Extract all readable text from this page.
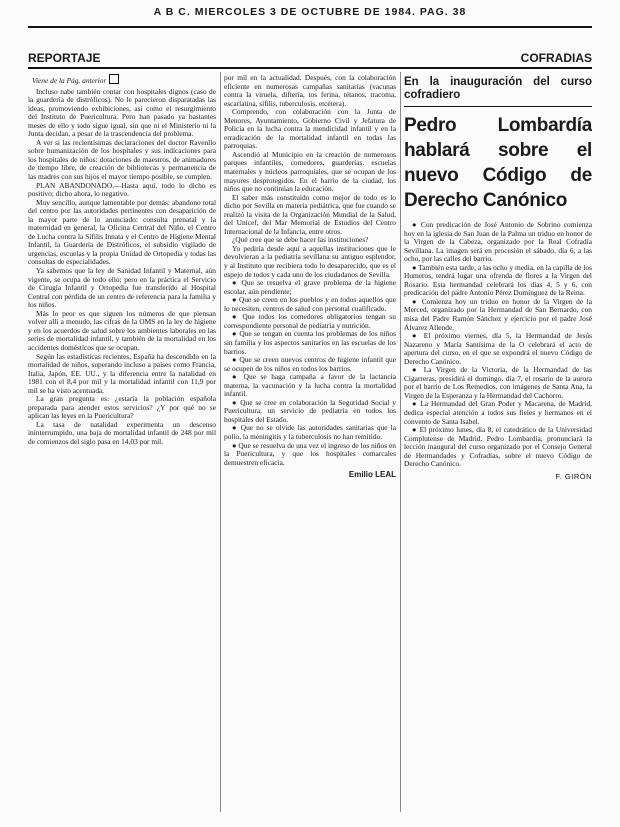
A B C. MIERCOLES 3 DE OCTUBRE DE 1984. PAG. 38
REPORTAJE	COFRADIAS
Viene de la Pág. anterior

Incluso nabe también contar con hospitales dignos (caso de la guardería de distróficos). No le parecieron disparatadas las ideas, promoviendo exhibiciones, así como el resurgimiento del Instituto de Puericultura. Pero han pasado ya bastantes meses de ello y todo sigue igual, sin que ni el Ministerio ni la Junta decidan, a pesar de la trascendencia del problema.

A ver si las recientísimas declaraciones del doctor Ravenllo sobre humanización de los hospitales y sus indicaciones para los hospitales de niños: dotaciones de maestros, de animadores de tiempo libre, de creación de bibliotecas y permanencia de las madres con sus hijos el mayor tiempo posible, se cumplen.

PLAN ABANDONADO.—Hasta aquí, todo lo dicho es positivo; dicho ahora, lo negativo.

Muy sencillo, aunque lamentable por demás: abandono total del centro por las autoridades pertinentes con desaparición de la mayor parte de lo anunciado: consulta prenatal y la maternidad en general, la Oficina Central del Niño, el Centro de Lucha contra la Sífilis Innata y el Centro de Higiene Mental Infantil, la Guardería de Distróficos, el subsidio vigilado de urgencias, escuelas y la propia Unidad de Ortopedia y todas las consultas de especialidades.

Ya sabemos que la ley de Sanidad Infantil y Maternal, aún vigente, se ocupa de todo ello; pero en la práctica el Servicio de Cirugía Infantil y Ortopedia fue transferido al Hospital Central con pérdida de un centro de referencia para la familia y los niños.

Más lo peor es que siguen los números de que piensan volver allí a menudo, las cifras de la OMS en la ley de higiene y en los acuerdos de salud sobre los ambientes laborales en las series de mortalidad infantil, y también de la mortalidad en los accidentes domésticos que se ocupan.

Según las estadísticas recientes, España ha descendido en la mortalidad de niños, superando incluso a países como Francia, Italia, Japón, EE. UU., y la diferencia entre la natalidad en 1981 con el 8,4 por mil y la mortalidad infantil con 11,9 por mil se ha visto acentuada.

La gran pregunta es: ¿estaría la población española preparada para atender estos servicios? ¿Y por qué no se aplican las leyes en la Puericultura?

La tasa de natalidad experimenta un descenso ininterrumpido, una baja de mortalidad infantil de 248 por mil de comienzos del siglo pasa en 14,03 por mil.

por mil en la actualidad. Después, con la colaboración eficiente en numerosas campañas sanitarias (vacunas contra la viruela, difteria, tos ferina, tétanos, tracoma, escarlatina, sífilis, tuberculosis, etcétera).

Comprendo, con colaboración con la Junta de Menores, Ayuntamiento, Gobierno Civil y Jefatura de Policía en la lucha contra la mendicidad infantil y en la erradicación de la mortalidad infantil en todas las parroquias.

Ascendió al Municipio en la creación de numerosos parques infantiles, comedores, guarderías, escuelas maternales y núcleos parroquiales, que se ocupan de los mayores desprotegidos. En el barrio de la ciudad, los niños que no continúan la educación.

El saber más constituido como mejor de todo es lo dicho por Sevilla en materia pediátrica, que fue cuando se realizó la visita de la Organización Mundial de la Salud, del Unicef, del Mar Memorial de Estudios del Centro Internacional de la Infancia, entre otros.

¿Qué cree que se debe hacer las instituciones?

Yo pediría desde aquí a aquellas instituciones que le devolvieran a la pediatría sevillana su antiguo esplendor, y al Instituto que recibiera todo lo desaparecido, que es el espejo de todos y cada uno de los ciudadanos de Sevilla.

● Que se resuelva el grave problema de la higiene escolar, aún pendiente;

● Que se creen en los pueblos y en todos aquellos que lo necesiten, centros de salud con personal cualificado.

● Que todos los comedores obligatorios tengan su correspondiente personal de pediatría y nutrición.

● Que se tengan en cuenta los problemas de los niños sin familia y los aspectos sanitarios en las escuelas de los barrios.

● Que se creen nuevos centros de higiene infantil que se ocupen de los niños en todos los barrios.

● Que se haga campaña a favor de la lactancia materna, la vacunación y la lucha contra la mortalidad infantil.

● Que se cree en colaboración la Seguridad Social y Puericultura, un servicio de pediatría en todos los hospitales del Estado.

● Que no se olvide las autoridades sanitarias que la polio, la meningitis y la tuberculosis no han remitido.

● Que se resuelva de una vez el ingreso de los niños en la Puericultura, y que los hospitales comarcales demuestren eficacia.

Emilio LEAL
En la inauguración del curso cofradiero
Pedro Lombardía hablará sobre el nuevo Código de Derecho Canónico

● Con predicación de José Antonio de Sobrino comienza hoy en la iglesia de San Juan de la Palma un triduo en honor de la Virgen de la Cabeza, organizado por la Real Cofradía Sevillana. La imagen será en procesión el sábado, día 6, a las ocho, por las calles del barrio.

● También esta tarde, a las ocho y media, en la capilla de los Humeros, tendrá lugar una ofrenda de flores a la Virgen del Rosario. Esta hermandad celebrará los días 4, 5 y 6, con predicación del padre Antonio Pérez Domínguez de la Reina.

● Comienza hoy un triduo en honor de la Virgen de la Merced, organizado por la Hermandad de San Bernardo, con misa del Padre Ramón Sánchez y ejercicio por el padre José Álvarez Allende.

● El próximo viernes, día 5, la Hermandad de Jesús Nazareno y María Santísima de la O celebrará el acto de apertura del curso, en el que se expondrá el nuevo Código de Derecho Canónico.

● La Virgen de la Victoria, de la Hermandad de las Cigarreras, presidirá el domingo, día 7, el rosario de la aurora por el barrio de Los Remedios, con imágenes de Santa Ana, la Virgen de la Esperanza y la Hermandad del Cachorro.

● La Hermandad del Gran Poder y Macarena, de Madrid, dedica especial atención a todos sus fieles y hermanos en el convento de Santa Isabel.

● El próximo lunes, día 8, el catedrático de la Universidad Complutense de Madrid, Pedro Lombardía, pronunciará la lección inaugural del curso organizado por el Consejo General de Hermandades y Cofradías, sobre el nuevo Código de Derecho Canónico.

F. GIRÓN
